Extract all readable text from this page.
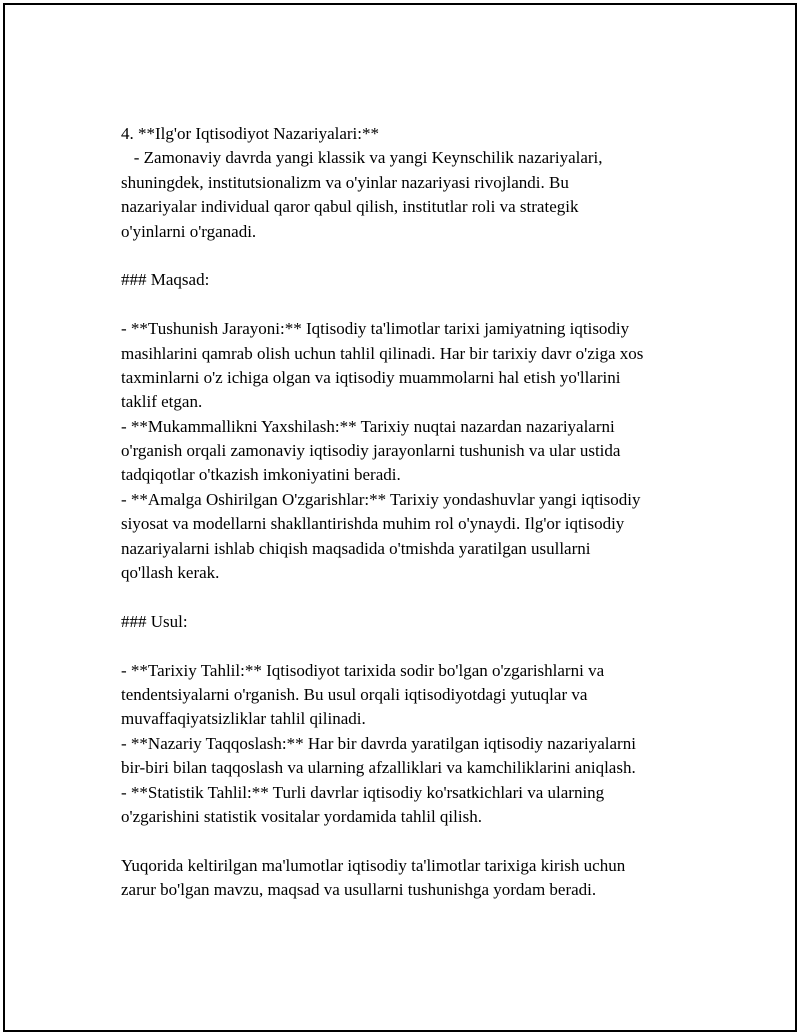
4. **Ilg'or Iqtisodiyot Nazariyalari:**
- Zamonaviy davrda yangi klassik va yangi Keynschilik nazariyalari,
shuningdek, institutsionalizm va o'yinlar nazariyasi rivojlandi. Bu
nazariyalar individual qaror qabul qilish, institutlar roli va strategik
o'yinlarni o'rganadi.
### Maqsad:
- **Tushunish Jarayoni:** Iqtisodiy ta'limotlar tarixi jamiyatning iqtisodiy
masihlarini qamrab olish uchun tahlil qilinadi. Har bir tarixiy davr o'ziga xos
taxminlarni o'z ichiga olgan va iqtisodiy muammolarni hal etish yo'llarini
taklif etgan.
- **Mukammallikni Yaxshilash:** Tarixiy nuqtai nazardan nazariyalarni
o'rganish orqali zamonaviy iqtisodiy jarayonlarni tushunish va ular ustida
tadqiqotlar o'tkazish imkoniyatini beradi.
- **Amalga Oshirilgan O'zgarishlar:** Tarixiy yondashuvlar yangi iqtisodiy
siyosat va modellarni shakllantirishda muhim rol o'ynaydi. Ilg'or iqtisodiy
nazariyalarni ishlab chiqish maqsadida o'tmishda yaratilgan usullarni
qo'llash kerak.
### Usul:
- **Tarixiy Tahlil:** Iqtisodiyot tarixida sodir bo'lgan o'zgarishlarni va
tendentsiyalarni o'rganish. Bu usul orqali iqtisodiyotdagi yutuqlar va
muvaffaqiyatsizliklar tahlil qilinadi.
- **Nazariy Taqqoslash:** Har bir davrda yaratilgan iqtisodiy nazariyalarni
bir-biri bilan taqqoslash va ularning afzalliklari va kamchiliklarini aniqlash.
- **Statistik Tahlil:** Turli davrlar iqtisodiy ko'rsatkichlari va ularning
o'zgarishini statistik vositalar yordamida tahlil qilish.
Yuqorida keltirilgan ma'lumotlar iqtisodiy ta'limotlar tarixiga kirish uchun
zarur bo'lgan mavzu, maqsad va usullarni tushunishga yordam beradi.
